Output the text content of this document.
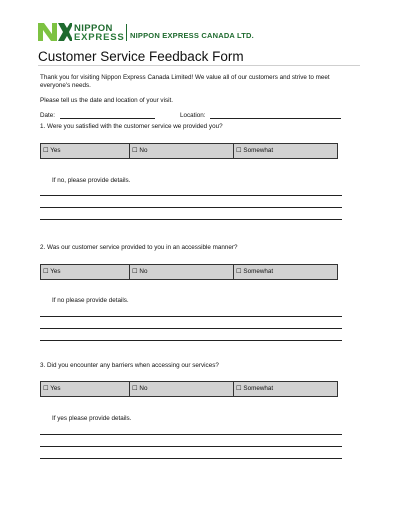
NIPPON
EXPRESS NIPPON EXPRESS CANADA LTD.
Customer Service Feedback Form
Thank you for visiting Nippon Express Canada Limited! We value all of our customers and strive to meet everyone's needs.
Please tell us the date and location of your visit.
Date:	Location:
1. Were you satisfied with the customer service we provided you?
☐ Yes	☐ No	☐ Somewhat
If no, please provide details.
2. Was our customer service provided to you in an accessible manner?
☐ Yes	☐ No	☐ Somewhat
If no please provide details.
3. Did you encounter any barriers when accessing our services?
☐ Yes	☐ No	☐ Somewhat
If yes please provide details.
